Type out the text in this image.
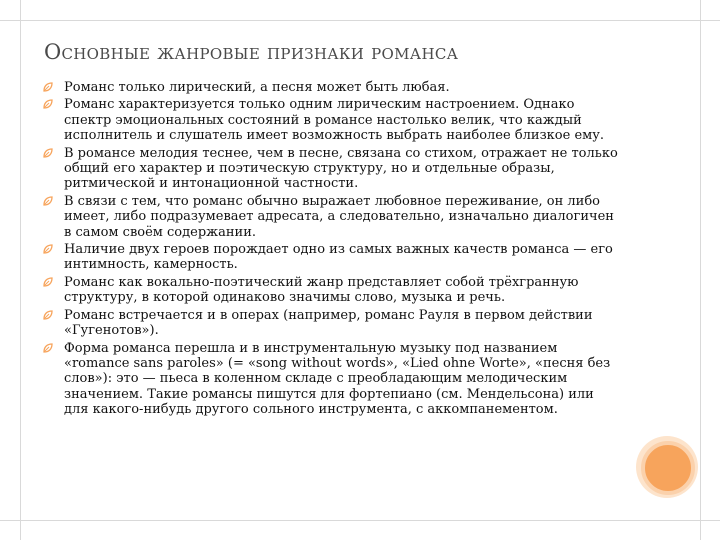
Основные жанровые признаки романса
Романс только лирический, а песня может быть любая.
Романс характеризуется только одним лирическим настроением. Однако спектр эмоциональных состояний в романсе настолько велик, что каждый исполнитель и слушатель имеет возможность выбрать наиболее близкое ему.
В романсе мелодия теснее, чем в песне, связана со стихом, отражает не только общий его характер и поэтическую структуру, но и отдельные образы, ритмической и интонационной частности.
В связи с тем, что романс обычно выражает любовное переживание, он либо имеет, либо подразумевает адресата, а следовательно, изначально диалогичен в самом своём содержании.
Наличие двух героев порождает одно из самых важных качеств романса — его интимность, камерность.
Романс как вокально-поэтический жанр представляет собой трёхгранную структуру, в которой одинаково значимы слово, музыка и речь.
Романс встречается и в операх (например, романс Рауля в первом действии «Гугенотов»).
Форма романса перешла и в инструментальную музыку под названием «romance sans paroles» (= «song without words», «Lied ohne Worte», «песня без слов»): это — пьеса в коленном складе с преобладающим мелодическим значением. Такие романсы пишутся для фортепиано (см. Мендельсона) или для какого-нибудь другого сольного инструмента, с аккомпанементом.
